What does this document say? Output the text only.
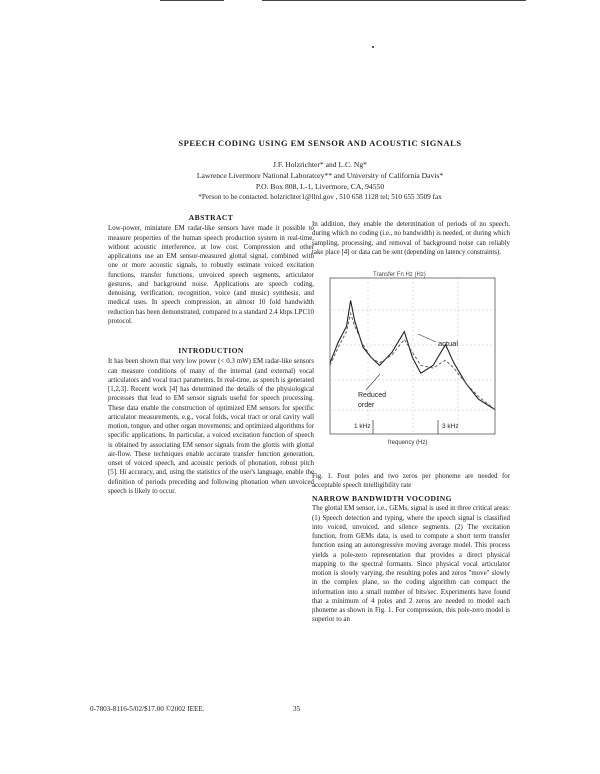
SPEECH CODING USING EM SENSOR AND ACOUSTIC SIGNALS
J.F. Holzrichter* and L.C. Ng*
Lawrence Livermore National Laboratory** and University of California Davis*
P.O. Box 808, L-1, Livermore, CA, 94550
*Person to be contacted. holzrichter1@llnl.gov , 510 658 1128 tel; 510 655 3509 fax

ABSTRACT

Low-power, miniature EM radar-like sensors have made it possible to measure properties of the human speech production system in real-time, without acoustic interference, at low cost. Compression and other applications use an EM sensor-measured glottal signal, combined with one or more acoustic signals, to robustly estimate voiced excitation functions, transfer functions, unvoiced speech segments, articulator gestures, and background noise. Applications are speech coding, denoising, verification, recognition, voice (and music) synthesis, and medical uses. In speech compression, an almost 10 fold bandwidth reduction has been demonstrated, compared to a standard 2.4 kbps LPC10 protocol.

INTRODUCTION

It has been shown that very low power (< 0.3 mW) EM radar-like sensors can measure conditions of many of the internal (and external) vocal articulators and vocal tract parameters. In real-time, as speech is generated [1,2,3]. Recent work [4] has determined the details of the physiological processes that lead to EM sensor signals useful for speech processing. These data enable the construction of optimized EM sensors for specific articulator measurements, e.g., vocal folds, vocal tract or oral cavity wall motion, tongue, and other organ movements; and optimized algorithms for specific applications. In particular, a voiced excitation function of speech is obtained by associating EM sensor signals from the glottis with glottal air-flow. These techniques enable accurate transfer function generation, onset of voiced speech, and acoustic periods of phonation, robust pitch [5]. Hi accuracy, and, using the statistics of the user's language, enable the definition of periods preceding and following phonation when unvoiced speech is likely to occur.

In addition, they enable the determination of periods of no speech, during which no coding (i.e., no bandwidth) is needed, or during which sampling, processing, and removal of background noise can reliably take place [4] or data can be sent (depending on latency constraints).

Transfer Fn Hz (Hz)
actual
Reduced
order
1 kHz	3 kHz
frequency (Hz)
Fig. 1. Four poles and two zeros per phoneme are needed for acceptable speech intelligibility rate

NARROW BANDWIDTH VOCODING

The glottal EM sensor, i.e., GEMs, signal is used in three critical areas: (1) Speech detection and typing, where the speech signal is classified into voiced, unvoiced, and silence segments. (2) The excitation function, from GEMs data, is used to compute a short term transfer function using an autoregressive moving average model. This process yields a pole-zero representation that provides a direct physical mapping to the spectral formants. Since physical vocal articulator motion is slowly varying, the resulting poles and zeros "move" slowly in the complex plane, so the coding algorithm can compact the information into a small number of bits/sec. Experiments have found that a minimum of 4 poles and 2 zeros are needed to model each phoneme as shown in Fig. 1. For compression, this pole-zero model is superior to an

0-7803-8116-5/02/$17.00 ©2002 IEEE.	35
